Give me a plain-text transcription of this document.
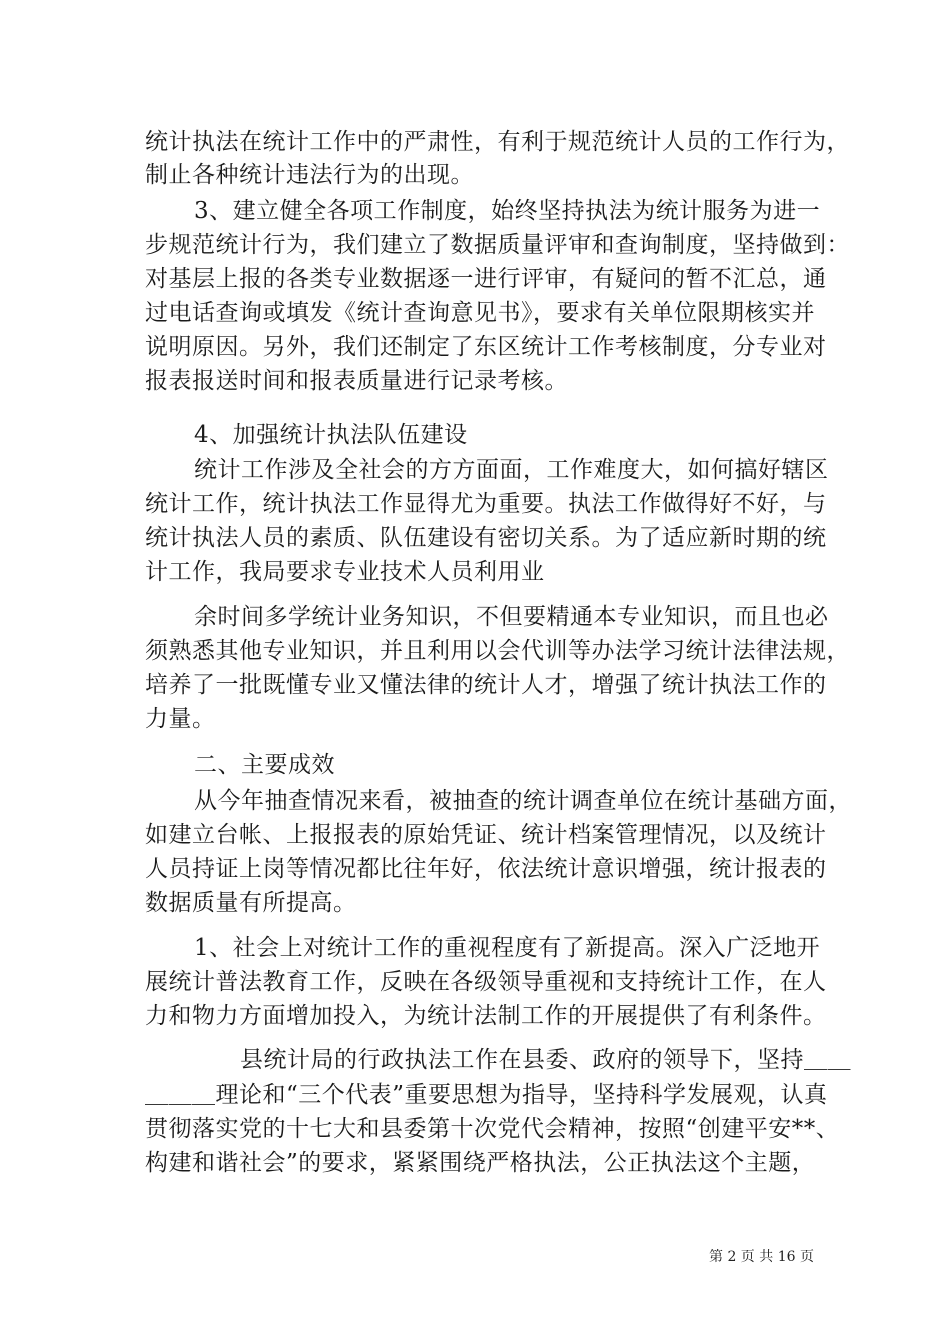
统计执法在统计工作中的严肃性，有利于规范统计人员的工作行为，
制止各种统计违法行为的出现。
3、建立健全各项工作制度，始终坚持执法为统计服务为进一
步规范统计行为，我们建立了数据质量评审和查询制度，坚持做到：
对基层上报的各类专业数据逐一进行评审，有疑问的暂不汇总，通
过电话查询或填发《统计查询意见书》，要求有关单位限期核实并
说明原因。另外，我们还制定了东区统计工作考核制度，分专业对
报表报送时间和报表质量进行记录考核。
4、加强统计执法队伍建设
统计工作涉及全社会的方方面面，工作难度大，如何搞好辖区
统计工作，统计执法工作显得尤为重要。执法工作做得好不好，与
统计执法人员的素质、队伍建设有密切关系。为了适应新时期的统
计工作，我局要求专业技术人员利用业
余时间多学统计业务知识，不但要精通本专业知识，而且也必
须熟悉其他专业知识，并且利用以会代训等办法学习统计法律法规，
培养了一批既懂专业又懂法律的统计人才，增强了统计执法工作的
力量。
二、主要成效
从今年抽查情况来看，被抽查的统计调查单位在统计基础方面，
如建立台帐、上报报表的原始凭证、统计档案管理情况，以及统计
人员持证上岗等情况都比往年好，依法统计意识增强，统计报表的
数据质量有所提高。
1、社会上对统计工作的重视程度有了新提高。深入广泛地开
展统计普法教育工作，反映在各级领导重视和支持统计工作，在人
力和物力方面增加投入，为统计法制工作的开展提供了有利条件。
县统计局的行政执法工作在县委、政府的领导下，坚持＿＿
＿＿＿理论和“三个代表”重要思想为指导，坚持科学发展观，认真
贯彻落实党的十七大和县委第十次党代会精神，按照“创建平安**、
构建和谐社会”的要求，紧紧围绕严格执法，公正执法这个主题，
第 2 页 共 16 页
